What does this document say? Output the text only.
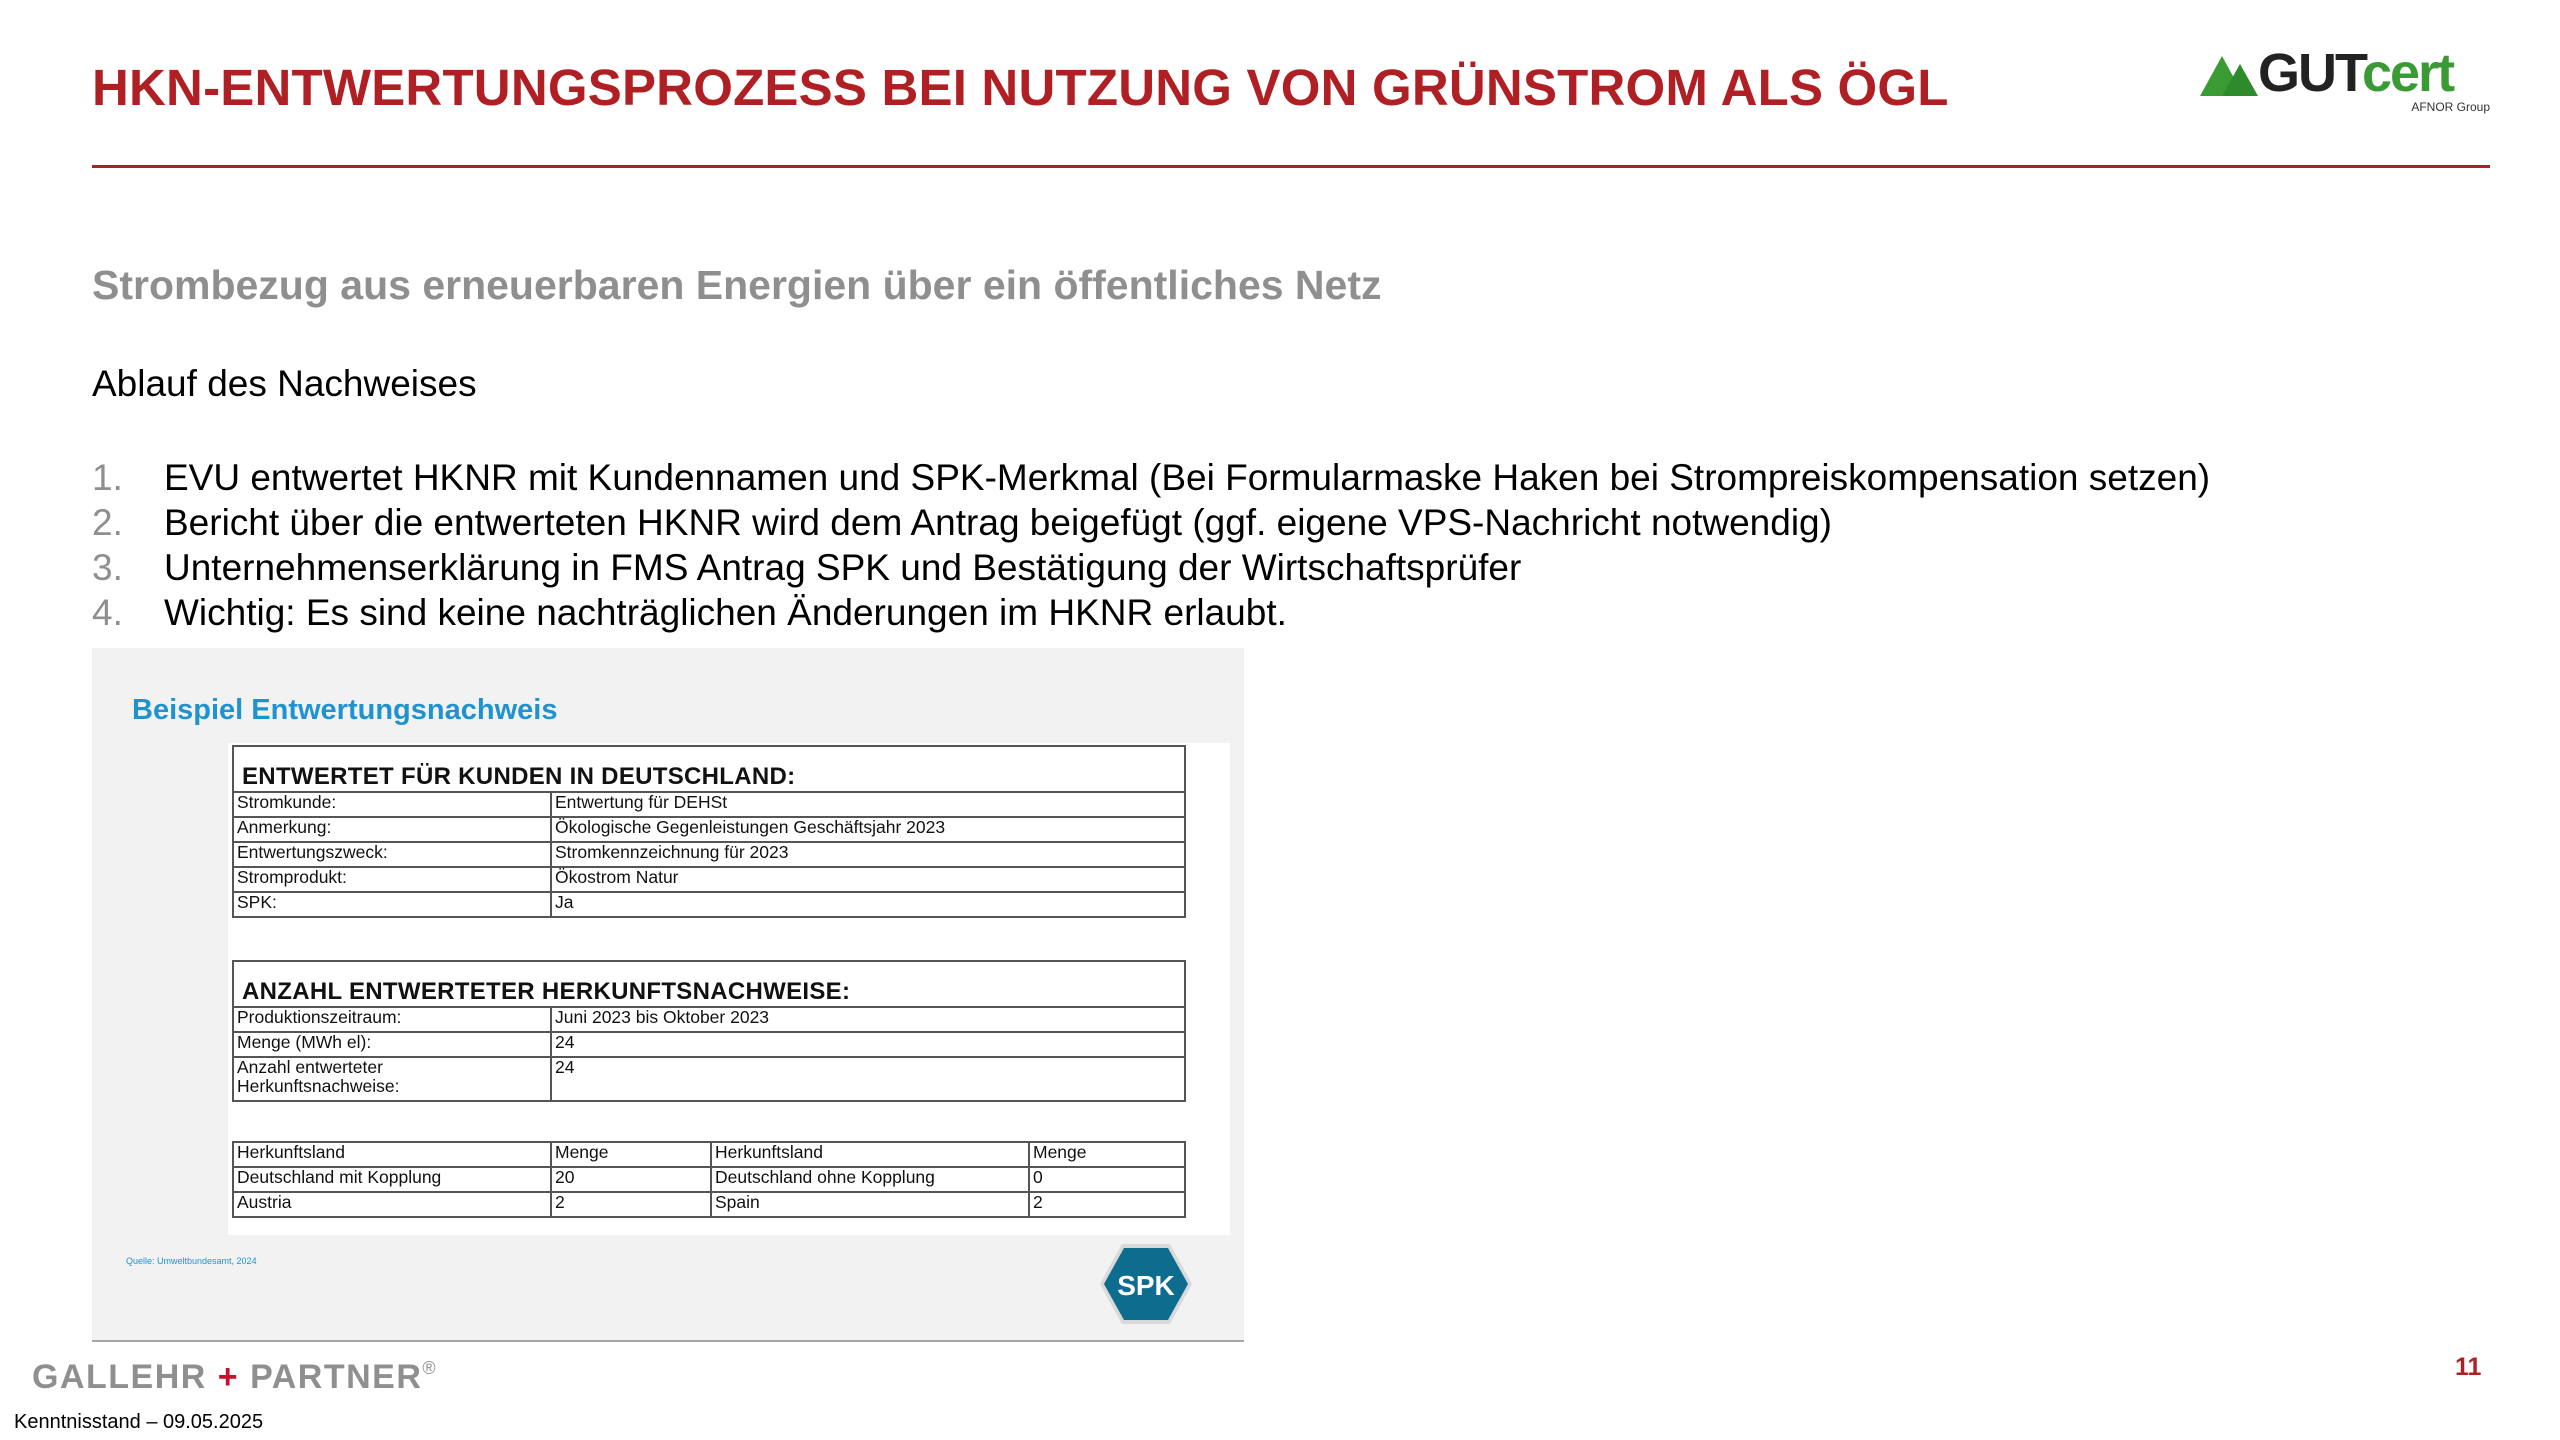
HKN-ENTWERTUNGSPROZESS BEI NUTZUNG VON GRÜNSTROM ALS ÖGL	GUTcert
AFNOR Group
Strombezug aus erneuerbaren Energien über ein öffentliches Netz
Ablauf des Nachweises
1. EVU entwertet HKNR mit Kundennamen und SPK-Merkmal (Bei Formularmaske Haken bei Strompreiskompensation setzen)
2. Bericht über die entwerteten HKNR wird dem Antrag beigefügt (ggf. eigene VPS-Nachricht notwendig)
3. Unternehmenserklärung in FMS Antrag SPK und Bestätigung der Wirtschaftsprüfer
4. Wichtig: Es sind keine nachträglichen Änderungen im HKNR erlaubt.
Beispiel Entwertungsnachweis
ENTWERTET FÜR KUNDEN IN DEUTSCHLAND:	
Stromkunde:	Entwertung für DEHSt
Anmerkung:	Ökologische Gegenleistungen Geschäftsjahr 2023
Entwertungszweck:	Stromkennzeichnung für 2023
Stromprodukt:	Ökostrom Natur
SPK:	Ja
ANZAHL ENTWERTETER HERKUNFTSNACHWEISE:	
Produktionszeitraum:	Juni 2023 bis Oktober 2023
Menge (MWh el):	24
Anzahl entwerteter Herkunftsnachweise:	24
Herkunftsland	Menge	Herkunftsland	Menge
Deutschland mit Kopplung	20	Deutschland ohne Kopplung	0
Austria	2	Spain	2
Quelle: Umweltbundesamt, 2024
SPK
GALLEHR + PARTNER®	11
Kenntnisstand – 09.05.2025
